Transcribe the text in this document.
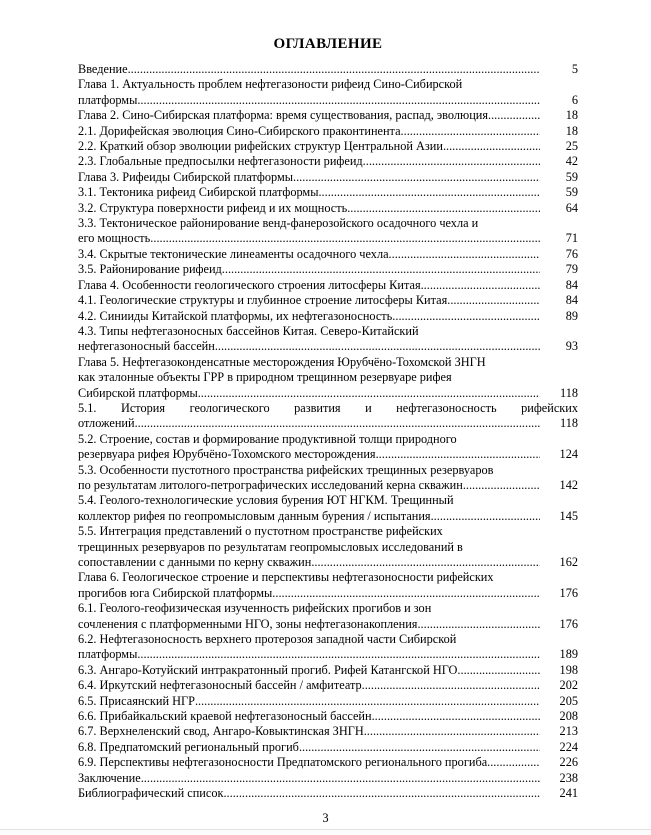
ОГЛАВЛЕНИЕ
Введение .....	5
Глава 1. Актуальность проблем нефтегазоности рифеид Сино-Сибирской
платформы .....	6
Глава 2. Сино-Сибирская платформа: время существования, распад, эволюция .....	18
2.1. Дорифейская эволюция Сино-Сибирского праконтинента .....	18
2.2. Краткий обзор эволюции рифейских структур Центральной Азии .....	25
2.3. Глобальные предпосылки нефтегазоности рифеид .....	42
Глава 3. Рифеиды Сибирской платформы .....	59
3.1. Тектоника рифеид Сибирской платформы .....	59
3.2. Структура поверхности рифеид и их мощность .....	64
3.3. Тектоническое районирование венд-фанерозойского осадочного чехла и
его мощность .....	71
3.4. Скрытые тектонические линеаменты осадочного чехла .....	76
3.5. Районирование рифеид .....	79
Глава 4. Особенности геологического строения литосферы Китая .....	84
4.1. Геологические структуры и глубинное строение литосферы Китая .....	84
4.2. Синииды Китайской платформы, их нефтегазоносность .....	89
4.3. Типы нефтегазоносных бассейнов Китая. Северо-Китайский
нефтегазоносный бассейн .....	93
Глава 5. Нефтегазоконденсатные месторождения Юрубчёно-Тохомской ЗНГН
как эталонные объекты ГРР в природном трещинном резервуаре рифея
Сибирской платформы .....	118
5.1. История геологического развития и нефтегазоносность рифейских
отложений .....	118
5.2. Строение, состав и формирование продуктивной толщи природного
резервуара рифея Юрубчёно-Тохомского месторождения .....	124
5.3. Особенности пустотного пространства рифейских трещинных резервуаров
по результатам литолого-петрографических исследований керна скважин .....	142
5.4. Геолого-технологические условия бурения ЮТ НГКМ. Трещинный
коллектор рифея по геопромысловым данным бурения / испытания .....	145
5.5. Интеграция представлений о пустотном пространстве рифейских
трещинных резервуаров по результатам геопромысловых исследований в
сопоставлении с данными по керну скважин .....	162
Глава 6. Геологическое строение и перспективы нефтегазоносности рифейских
прогибов юга Сибирской платформы .....	176
6.1. Геолого-геофизическая изученность рифейских прогибов и зон
сочленения с платформенными НГО, зоны нефтегазонакопления .....	176
6.2. Нефтегазоносность верхнего протерозоя западной части Сибирской
платформы .....	189
6.3. Ангаро-Котуйский интракратонный прогиб. Рифей Катангской НГО .....	198
6.4. Иркутский нефтегазоносный бассейн / амфитеатр .....	202
6.5. Присаянский НГР .....	205
6.6. Прибайкальский краевой нефтегазоносный бассейн .....	208
6.7. Верхнеленский свод, Ангаро-Ковыктинская ЗНГН .....	213
6.8. Предпатомский региональный прогиб .....	224
6.9. Перспективы нефтегазоносности Предпатомского регионального прогиба .....	226
Заключение .....	238
Библиографический список .....	241
3
